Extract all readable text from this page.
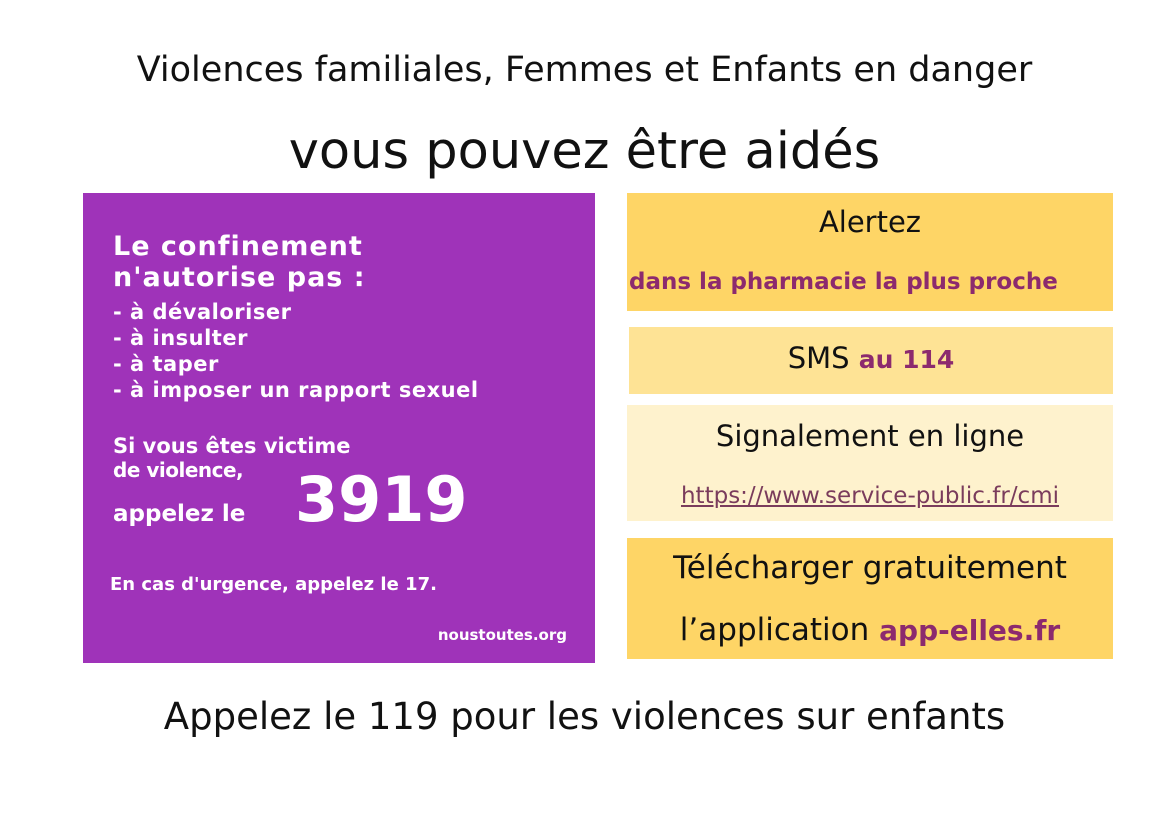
Violences familiales, Femmes et Enfants en danger
vous pouvez être aidés
Le confinement
n'autorise pas :
- à dévaloriser
- à insulter
- à taper
- à imposer un rapport sexuel
Si vous êtes victime
de violence,
appelez le 3919
En cas d'urgence, appelez le 17.
noustoutes.org
Alertez
dans la pharmacie la plus proche
SMS au 114
Signalement en ligne
https://www.service-public.fr/cmi
Télécharger gratuitement
l’application app-elles.fr
Appelez le 119 pour les violences sur enfants
